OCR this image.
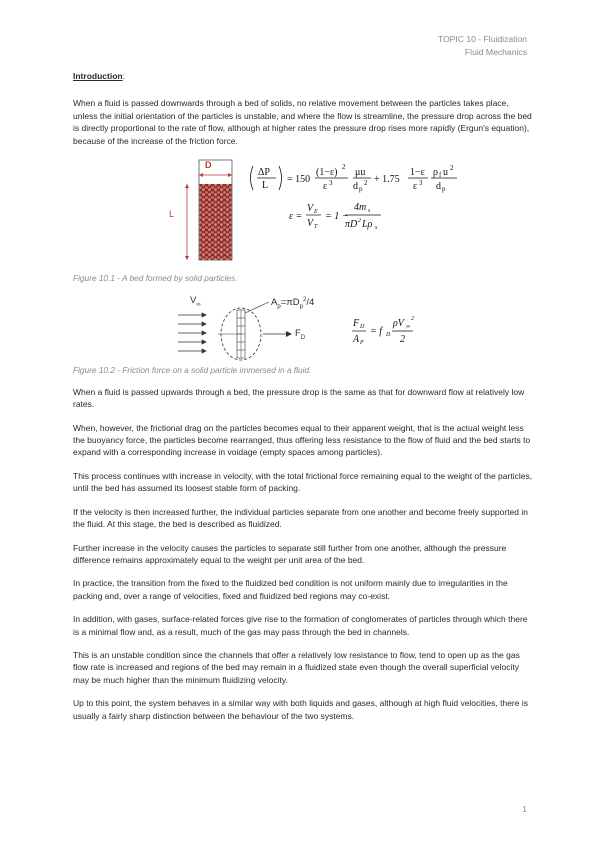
TOPIC 10 - Fluidization
Fluid Mechanics

Introduction:

When a fluid is passed downwards through a bed of solids, no relative movement between the particles takes place, unless the initial orientation of the particles is unstable, and where the flow is streamline, the pressure drop across the bed is directly proportional to the rate of flow, although at higher rates the pressure drop rises more rapidly (Ergun's equation), because of the increase of the friction force.

ΔP
L
= 150
(1−ε) 2
ε 3
μu
d p
2 + 1.75
1−ε
ε 3
ρ f u 2
d p
ε =
V E
V T
= 1 −
4m s
πD 2 Lρ s
D
L

Figure 10.1 - A bed formed by solid particles.

F D
A P
= f D
ρV ∞
2
2
$V_\infty$	$A_p=\pi D_p^2/4$
$F_D$

Figure 10.2 - Friction force on a solid particle immersed in a fluid.

When a fluid is passed upwards through a bed, the pressure drop is the same as that for downward flow at relatively low rates.

When, however, the frictional drag on the particles becomes equal to their apparent weight, that is the actual weight less the buoyancy force, the particles become rearranged, thus offering less resistance to the flow of fluid and the bed starts to expand with a corresponding increase in voidage (empty spaces among particles).

This process continues with increase in velocity, with the total frictional force remaining equal to the weight of the particles, until the bed has assumed its loosest stable form of packing.

If the velocity is then increased further, the individual particles separate from one another and become freely supported in the fluid. At this stage, the bed is described as fluidized.

Further increase in the velocity causes the particles to separate still further from one another, although the pressure difference remains approximately equal to the weight per unit area of the bed.

In practice, the transition from the fixed to the fluidized bed condition is not uniform mainly due to irregularities in the packing and, over a range of velocities, fixed and fluidized bed regions may co-exist.

In addition, with gases, surface-related forces give rise to the formation of conglomerates of particles through which there is a minimal flow and, as a result, much of the gas may pass through the bed in channels.

This is an unstable condition since the channels that offer a relatively low resistance to flow, tend to open up as the gas flow rate is increased and regions of the bed may remain in a fluidized state even though the overall superficial velocity may be much higher than the minimum fluidizing velocity.

Up to this point, the system behaves in a similar way with both liquids and gases, although at high fluid velocities, there is usually a fairly sharp distinction between the behaviour of the two systems.

1
